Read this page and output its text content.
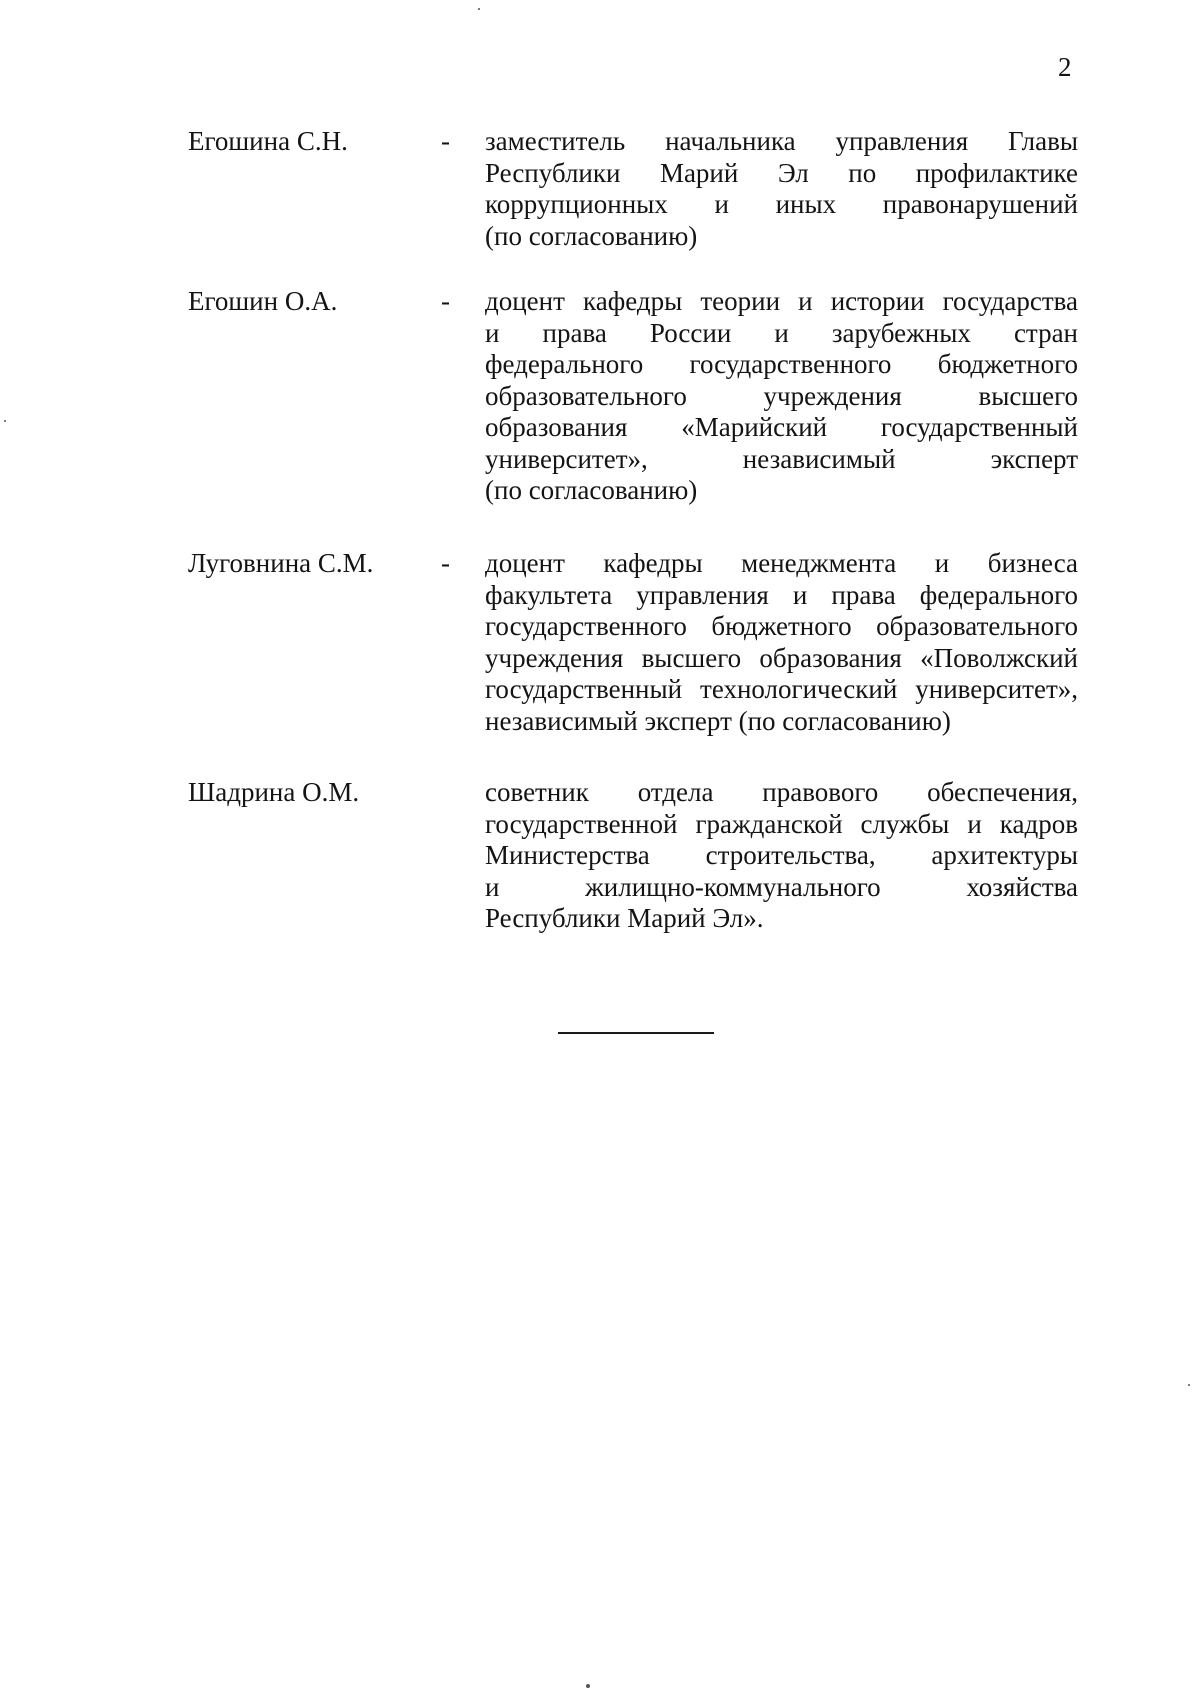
2
Егошина С.Н.	- заместитель начальника управления Главы
Республики Марий Эл по профилактике
коррупционных и иных правонарушений
(по согласованию)
Егошин О.А.	- доцент кафедры теории и истории государства
и права России и зарубежных стран
федерального государственного бюджетного
образовательного учреждения высшего
образования «Марийский государственный
университет», независимый эксперт
(по согласованию)
Луговнина С.М.	- доцент кафедры менеджмента и бизнеса
факультета управления и права федерального
государственного бюджетного образовательного
учреждения высшего образования «Поволжский
государственный технологический университет»,
независимый эксперт (по согласованию)
Шадрина О.М.	советник отдела правового обеспечения,
государственной гражданской службы и кадров
Министерства строительства, архитектуры
и жилищно-коммунального хозяйства
Республики Марий Эл».
